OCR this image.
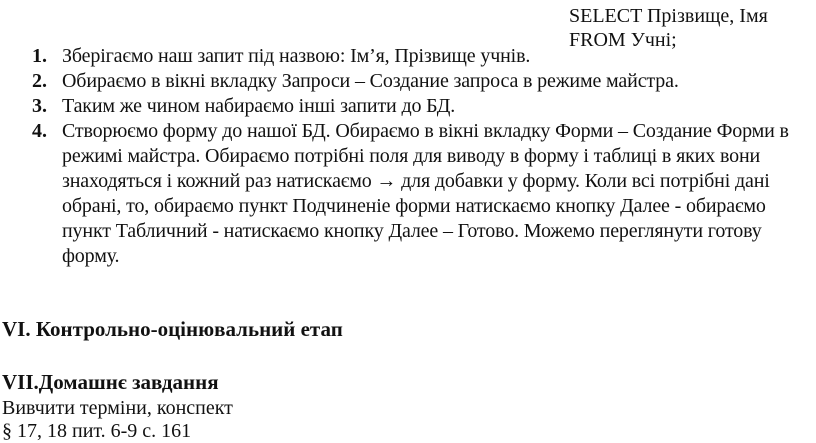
SELECT Прізвище, Імя
FROM Учні;
1. Зберігаємо наш запит під назвою: Ім’я, Прізвище учнів.
2. Обираємо в вікні вкладку Запроси – Создание запроса в режиме майстра.
3. Таким же чином набираємо інші запити до БД.
4. Створюємо форму до нашої БД. Обираємо в вікні вкладку Форми – Создание Форми в режимі майстра. Обираємо потрібні поля для виводу в форму і таблиці в яких вони знаходяться і кожний раз натискаємо → для добавки у форму. Коли всі потрібні дані обрані, то, обираємо пункт Подчиненіе форми натискаємо кнопку Далее - обираємо пункт Табличний - натискаємо кнопку Далее – Готово. Можемо переглянути готову форму.
VI. Контрольно-оцінювальний етап
VII.Домашнє завдання
Вивчити терміни, конспект
§ 17, 18 пит. 6-9 с. 161
